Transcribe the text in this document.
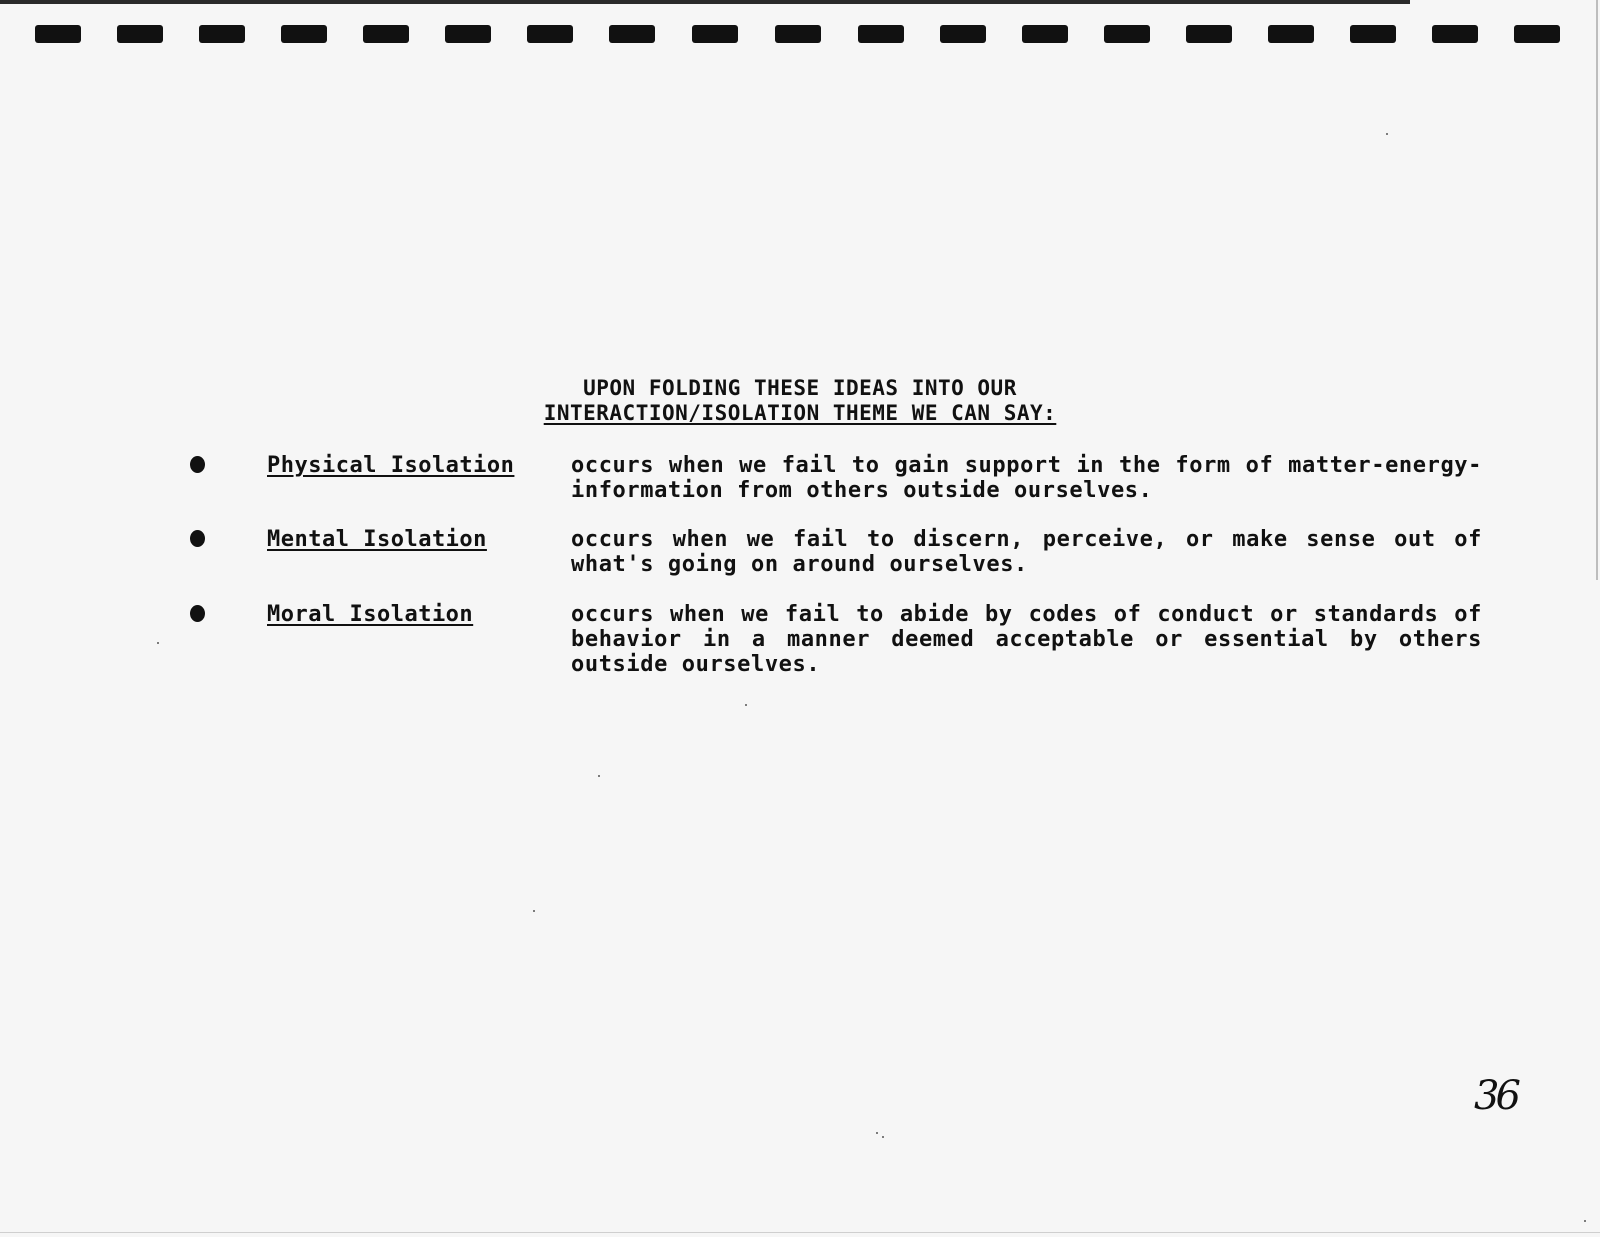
UPON FOLDING THESE IDEAS INTO OUR
INTERACTION/ISOLATION THEME WE CAN SAY:
Physical Isolation	occurs when we fail to gain support in the form of matter-energy-information from others outside ourselves.
Mental Isolation	occurs when we fail to discern, perceive, or make sense out of what's going on around ourselves.
Moral Isolation	occurs when we fail to abide by codes of conduct or standards of behavior in a manner deemed acceptable or essential by others outside ourselves.
36
